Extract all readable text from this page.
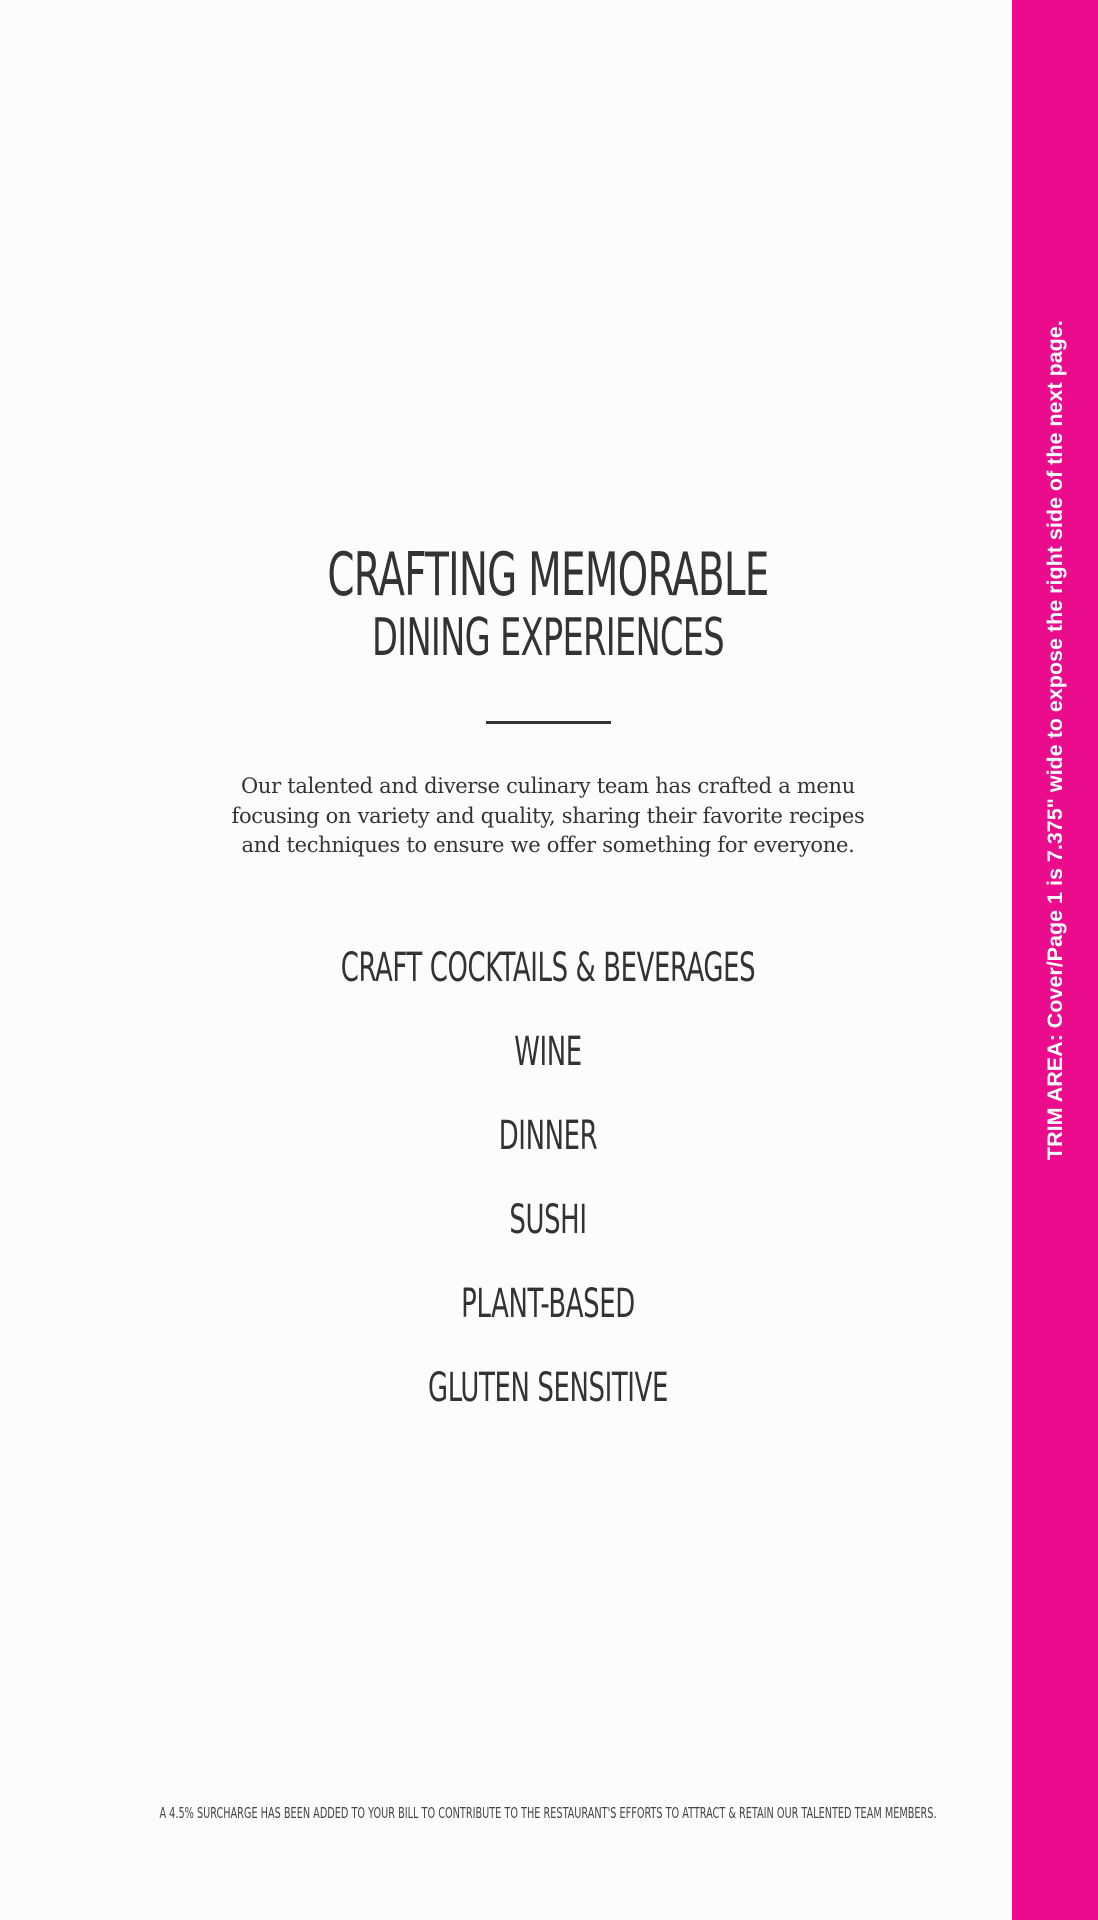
CRAFTING MEMORABLE
DINING EXPERIENCES
Our talented and diverse culinary team has crafted a menu
focusing on variety and quality, sharing their favorite recipes
and techniques to ensure we offer something for everyone.
CRAFT COCKTAILS & BEVERAGES
WINE
DINNER
SUSHI
PLANT-BASED
GLUTEN SENSITIVE
A 4.5% SURCHARGE HAS BEEN ADDED TO YOUR BILL TO CONTRIBUTE TO THE RESTAURANT'S EFFORTS TO ATTRACT & RETAIN OUR TALENTED TEAM MEMBERS.
TRIM AREA: Cover/Page 1 is 7.375" wide to expose the right side of the next page.
